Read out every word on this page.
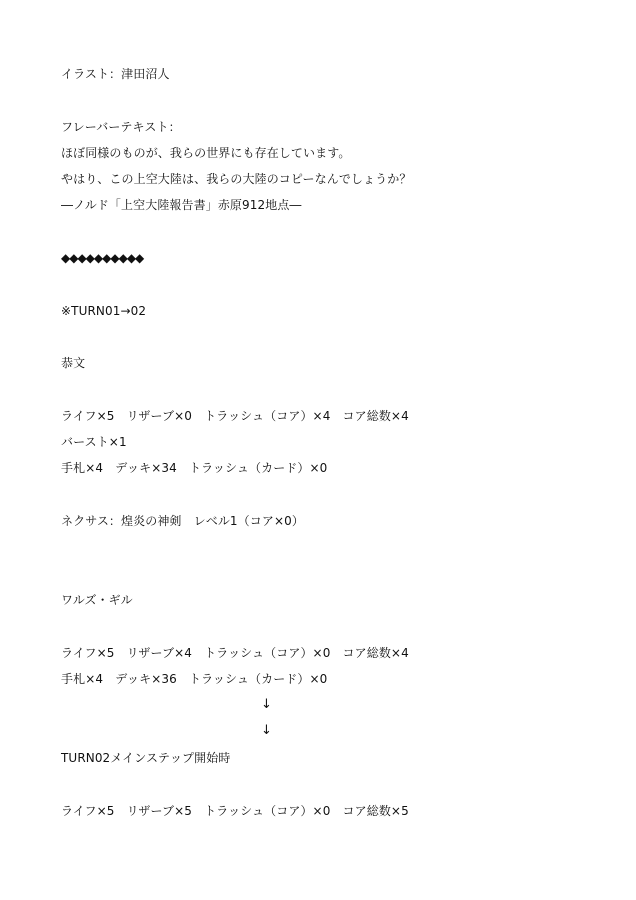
イラスト：津田沼人
フレーバーテキスト：
ほぼ同様のものが、我らの世界にも存在しています。
やはり、この上空大陸は、我らの大陸のコピーなんでしょうか？
―ノルド「上空大陸報告書」赤原912地点―
◆◆◆◆◆◆◆◆◆◆
※TURN01→02
恭文
ライフ×5　リザーブ×0　トラッシュ（コア）×4　コア総数×4
バースト×1
手札×4　デッキ×34　トラッシュ（カード）×0
ネクサス：煌炎の神剣　レベル1（コア×0）
ワルズ・ギル
ライフ×5　リザーブ×4　トラッシュ（コア）×0　コア総数×4
手札×4　デッキ×36　トラッシュ（カード）×0
↓
↓
TURN02メインステップ開始時
ライフ×5　リザーブ×5　トラッシュ（コア）×0　コア総数×5
